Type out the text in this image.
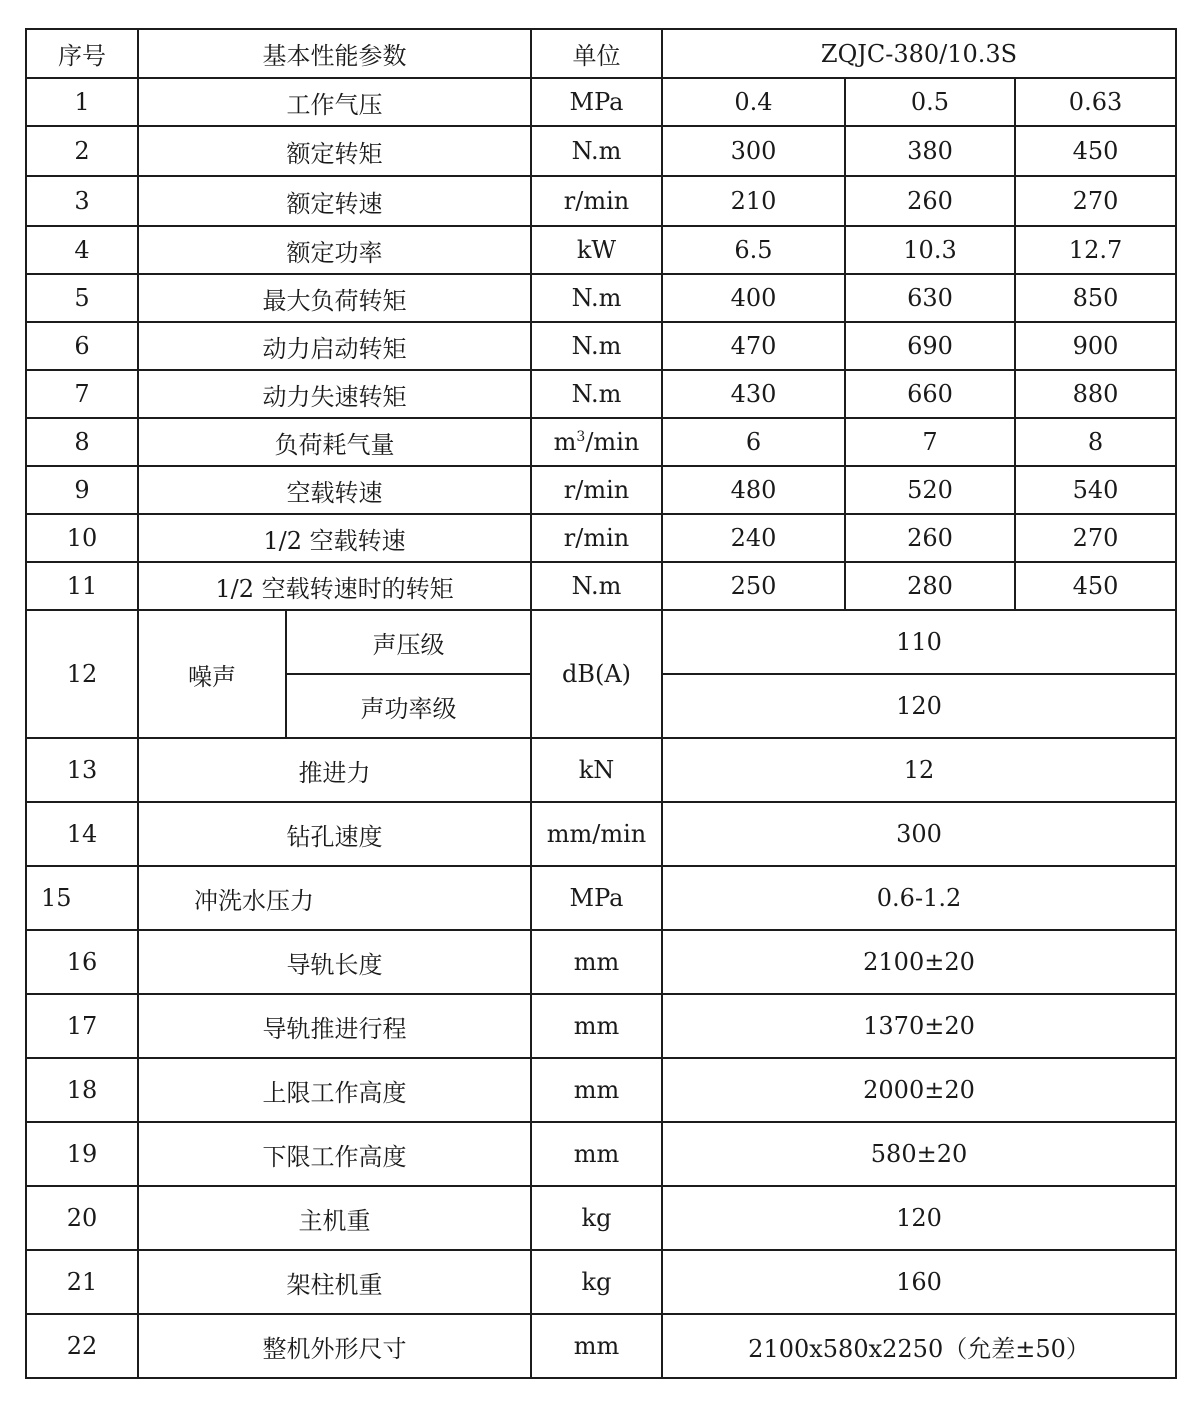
序号	基本性能参数		单位	ZQJC-380/10.3S		
1	工作气压		MPa	0.4	0.5	0.63
2	额定转矩		N.m	300	380	450
3	额定转速		r/min	210	260	270
4	额定功率		kW	6.5	10.3	12.7
5	最大负荷转矩		N.m	400	630	850
6	动力启动转矩		N.m	470	690	900
7	动力失速转矩		N.m	430	660	880
8	负荷耗气量		$m^3/\min$	6	7	8
9	空载转速		r/min	480	520	540
10	1/2 空载转速		r/min	240	260	270
11	1/2 空载转速时的转矩		N.m	250	280	450
12	噪声	声压级	dB(A)	110		
		声功率级		120		
13	推进力		kN	12		
14	钻孔速度		mm/min	300		
15	冲洗水压力		MPa	0.6-1.2		
16	导轨长度		mm	2100±20		
17	导轨推进行程		mm	1370±20		
18	上限工作高度		mm	2000±20		
19	下限工作高度		mm	580±20		
20	主机重		kg	120		
21	架柱机重		kg	160		
22	整机外形尺寸		mm	2100x580x2250（允差±50）		
